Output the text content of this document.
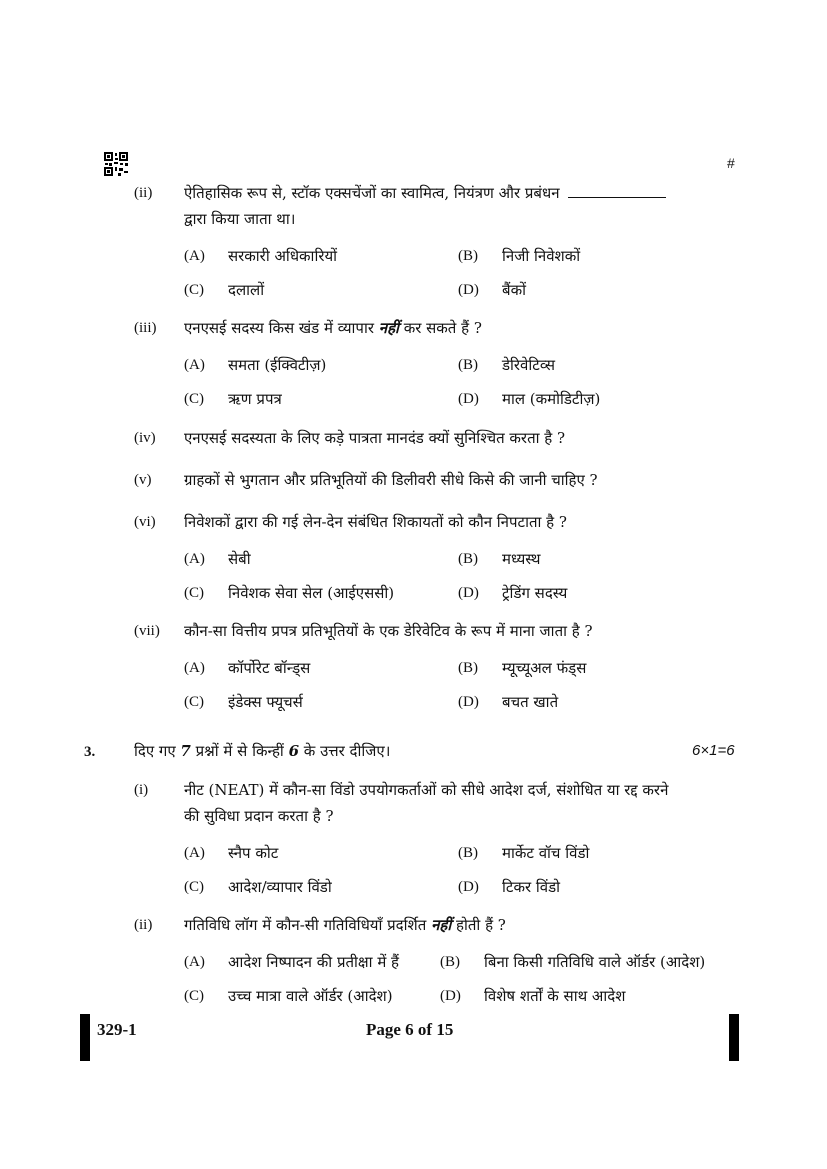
#
(ii) ऐतिहासिक रूप से, स्टॉक एक्सचेंजों का स्वामित्व, नियंत्रण और प्रबंधन
द्वारा किया जाता था।
(A) सरकारी अधिकारियों	(B) निजी निवेशकों
(C) दलालों	(D) बैंकों
(iii) एनएसई सदस्य किस खंड में व्यापार नहीं कर सकते हैं ?
(A) समता (ईक्विटीज़)	(B) डेरिवेटिव्स
(C) ऋण प्रपत्र	(D) माल (कमोडिटीज़)
(iv) एनएसई सदस्यता के लिए कड़े पात्रता मानदंड क्यों सुनिश्चित करता है ?
(v) ग्राहकों से भुगतान और प्रतिभूतियों की डिलीवरी सीधे किसे की जानी चाहिए ?
(vi) निवेशकों द्वारा की गई लेन-देन संबंधित शिकायतों को कौन निपटाता है ?
(A) सेबी	(B) मध्यस्थ
(C) निवेशक सेवा सेल (आईएससी)	(D) ट्रेडिंग सदस्य
(vii) कौन-सा वित्तीय प्रपत्र प्रतिभूतियों के एक डेरिवेटिव के रूप में माना जाता है ?
(A) कॉर्पोरेट बॉन्ड्स	(B) म्यूच्यूअल फंड्स
(C) इंडेक्स फ्यूचर्स	(D) बचत खाते
3.	दिए गए 7 प्रश्नों में से किन्हीं 6 के उत्तर दीजिए।	6×1=6
(i) नीट (NEAT) में कौन-सा विंडो उपयोगकर्ताओं को सीधे आदेश दर्ज, संशोधित या रद्द करने
की सुविधा प्रदान करता है ?
(A) स्नैप कोट	(B) मार्केट वॉच विंडो
(C) आदेश/व्यापार विंडो	(D) टिकर विंडो
(ii) गतिविधि लॉग में कौन-सी गतिविधियाँ प्रदर्शित नहीं होती हैं ?
(A) आदेश निष्पादन की प्रतीक्षा में हैं	(B) बिना किसी गतिविधि वाले ऑर्डर (आदेश)
(C) उच्च मात्रा वाले ऑर्डर (आदेश)	(D) विशेष शर्तों के साथ आदेश
329-1	Page 6 of 15
